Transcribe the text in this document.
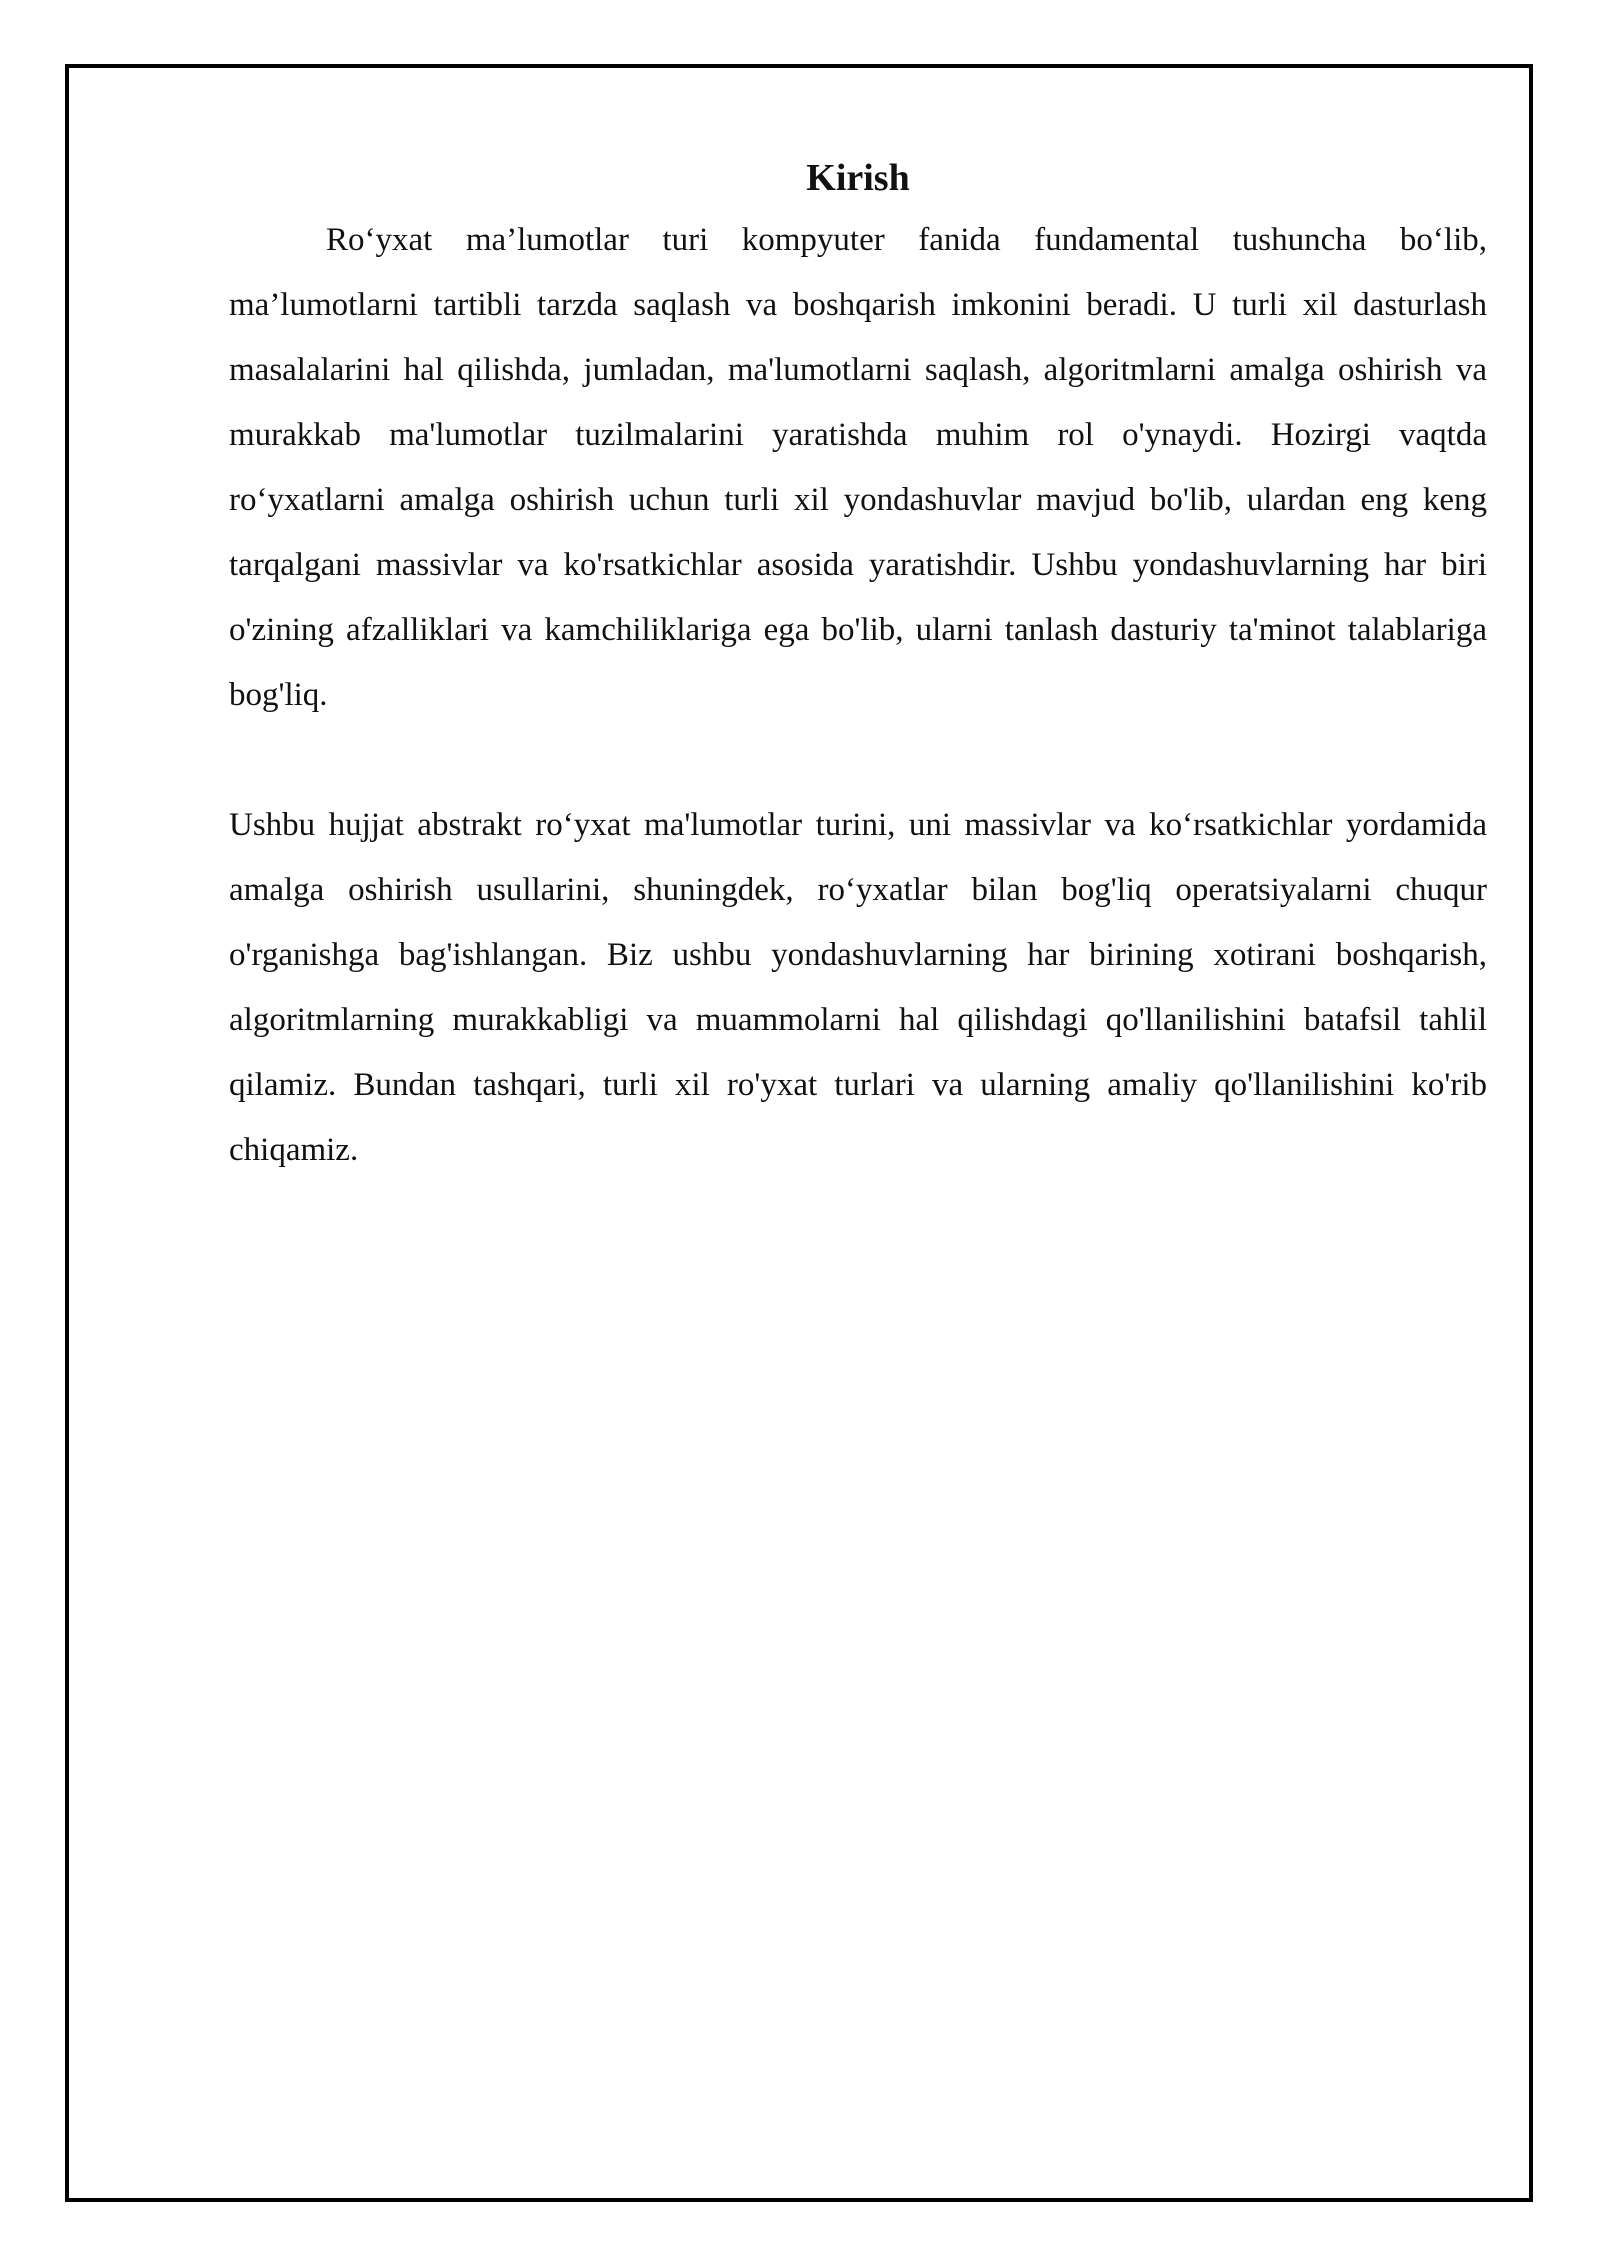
Kirish

Ro‘yxat ma’lumotlar turi kompyuter fanida fundamental tushuncha bo‘lib, ma’lumotlarni tartibli tarzda saqlash va boshqarish imkonini beradi. U turli xil dasturlash masalalarini hal qilishda, jumladan, ma'lumotlarni saqlash, algoritmlarni amalga oshirish va murakkab ma'lumotlar tuzilmalarini yaratishda muhim rol o'ynaydi. Hozirgi vaqtda ro‘yxatlarni amalga oshirish uchun turli xil yondashuvlar mavjud bo'lib, ulardan eng keng tarqalgani massivlar va ko'rsatkichlar asosida yaratishdir. Ushbu yondashuvlarning har biri o'zining afzalliklari va kamchiliklariga ega bo'lib, ularni tanlash dasturiy ta'minot talablariga bog'liq.

Ushbu hujjat abstrakt ro‘yxat ma'lumotlar turini, uni massivlar va ko‘rsatkichlar yordamida amalga oshirish usullarini, shuningdek, ro‘yxatlar bilan bog'liq operatsiyalarni chuqur o'rganishga bag'ishlangan. Biz ushbu yondashuvlarning har birining xotirani boshqarish, algoritmlarning murakkabligi va muammolarni hal qilishdagi qo'llanilishini batafsil tahlil qilamiz. Bundan tashqari, turli xil ro'yxat turlari va ularning amaliy qo'llanilishini ko'rib chiqamiz.
